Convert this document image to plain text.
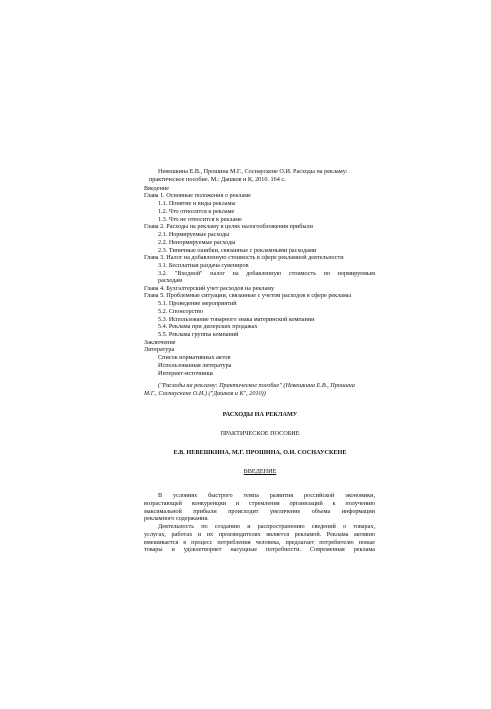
Невешкина Е.В., Прошина М.Г., Соснаускене О.И. Расходы на рекламу:
практическое пособие. М.: Дашков и К, 2010. 164 с.
Введение
Глава 1. Основные положения о рекламе
1.1. Понятие и виды рекламы
1.2. Что относится к рекламе
1.3. Что не относится к рекламе
Глава 2. Расходы на рекламу в целях налогообложения прибыли
2.1. Нормируемые расходы
2.2. Ненормируемые расходы
2.3. Типичные ошибки, связанные с рекламными расходами
Глава 3. Налог на добавленную стоимость в сфере рекламной деятельности
3.1. Бесплатная раздача сувениров
3.2. "Входной" налог на добавленную стоимость по нормируемым
расходам
Глава 4. Бухгалтерский учет расходов на рекламу
Глава 5. Проблемные ситуации, связанные с учетом расходов в сфере рекламы
5.1. Проведение мероприятий
5.2. Спонсорство
5.3. Использование товарного знака материнской компании
5.4. Реклама при дилерских продажах
5.5. Реклама группы компаний
Заключение
Литература
Список нормативных актов
Использованная литература
Интернет-источники
("Расходы на рекламу: Практическое пособие" (Невешкина Е.В., Прошина
М.Г., Соснаускене О.И.) ("Дашков и К", 2010))
РАСХОДЫ НА РЕКЛАМУ
ПРАКТИЧЕСКОЕ ПОСОБИЕ
Е.В. НЕВЕШКИНА, М.Г. ПРОШИНА, О.И. СОСНАУСКЕНЕ
ВВЕДЕНИЕ
В условиях быстрого темпа развития российской экономики,
возрастающей конкуренции и стремления организаций к получению
максимальной прибыли происходит увеличение объема информации
рекламного содержания.
Деятельность по созданию и распространению сведений о товарах,
услугах, работах и их производителях является рекламой. Реклама активно
вмешивается в процесс потребления человека, предлагает потребителю новые
товары и удовлетворяет насущные потребности. Современная реклама
